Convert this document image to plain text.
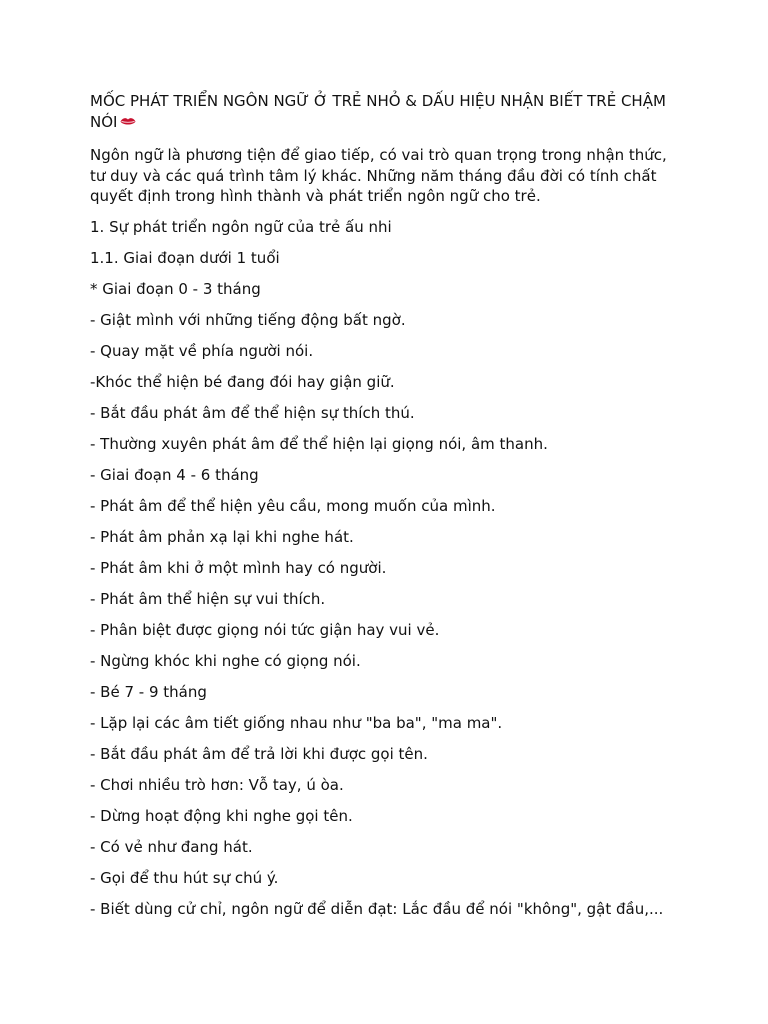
MỐC PHÁT TRIỂN NGÔN NGỮ Ở TRẺ NHỎ & DẤU HIỆU NHẬN BIẾT TRẺ CHẬM NÓI

Ngôn ngữ là phương tiện để giao tiếp, có vai trò quan trọng trong nhận thức, tư duy và các quá trình tâm lý khác. Những năm tháng đầu đời có tính chất quyết định trong hình thành và phát triển ngôn ngữ cho trẻ.

1. Sự phát triển ngôn ngữ của trẻ ấu nhi
1.1. Giai đoạn dưới 1 tuổi
* Giai đoạn 0 - 3 tháng
- Giật mình với những tiếng động bất ngờ.
- Quay mặt về phía người nói.
-Khóc thể hiện bé đang đói hay giận giữ.
- Bắt đầu phát âm để thể hiện sự thích thú.
- Thường xuyên phát âm để thể hiện lại giọng nói, âm thanh.
- Giai đoạn 4 - 6 tháng
- Phát âm để thể hiện yêu cầu, mong muốn của mình.
- Phát âm phản xạ lại khi nghe hát.
- Phát âm khi ở một mình hay có người.
- Phát âm thể hiện sự vui thích.
- Phân biệt được giọng nói tức giận hay vui vẻ.
- Ngừng khóc khi nghe có giọng nói.
- Bé 7 - 9 tháng
- Lặp lại các âm tiết giống nhau như "ba ba", "ma ma".
- Bắt đầu phát âm để trả lời khi được gọi tên.
- Chơi nhiều trò hơn: Vỗ tay, ú òa.
- Dừng hoạt động khi nghe gọi tên.
- Có vẻ như đang hát.
- Gọi để thu hút sự chú ý.
- Biết dùng cử chỉ, ngôn ngữ để diễn đạt: Lắc đầu để nói "không", gật đầu,...
